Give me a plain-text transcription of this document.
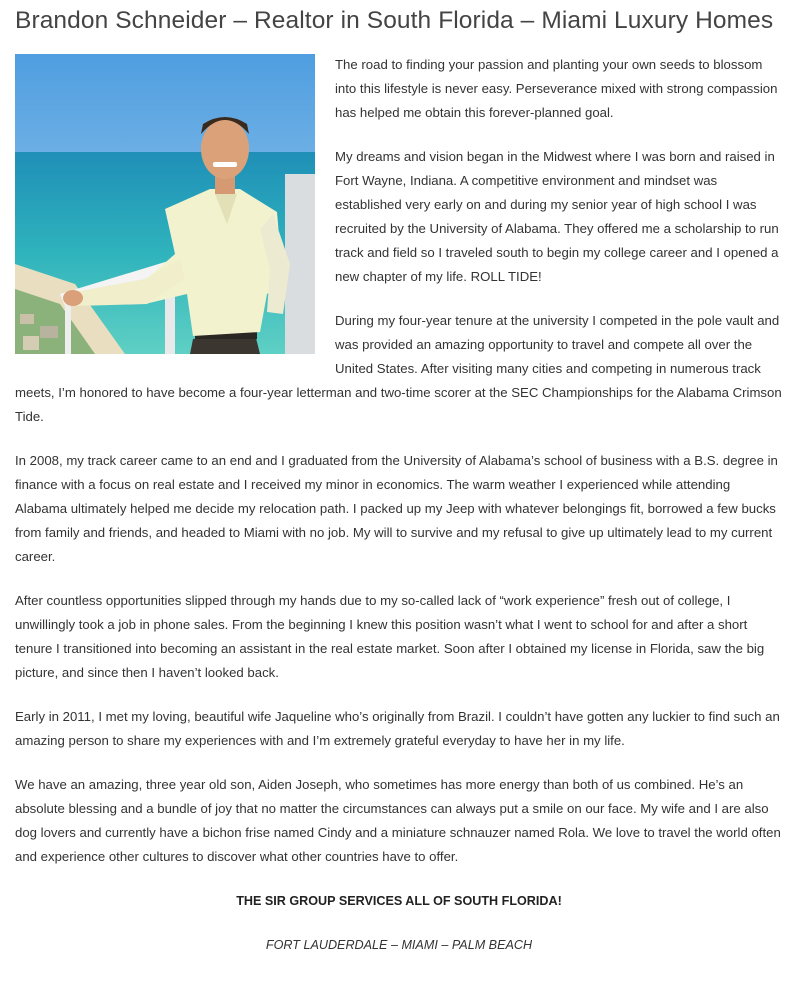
Brandon Schneider – Realtor in South Florida – Miami Luxury Homes

The road to finding your passion and planting your own seeds to blossom into this lifestyle is never easy. Perseverance mixed with strong compassion has helped me obtain this forever-planned goal.

My dreams and vision began in the Midwest where I was born and raised in Fort Wayne, Indiana. A competitive environment and mindset was established very early on and during my senior year of high school I was recruited by the University of Alabama. They offered me a scholarship to run track and field so I traveled south to begin my college career and I opened a new chapter of my life. ROLL TIDE!

During my four-year tenure at the university I competed in the pole vault and was provided an amazing opportunity to travel and compete all over the United States. After visiting many cities and competing in numerous track meets, I’m honored to have become a four-year letterman and two-time scorer at the SEC Championships for the Alabama Crimson Tide.

In 2008, my track career came to an end and I graduated from the University of Alabama’s school of business with a B.S. degree in finance with a focus on real estate and I received my minor in economics. The warm weather I experienced while attending Alabama ultimately helped me decide my relocation path. I packed up my Jeep with whatever belongings fit, borrowed a few bucks from family and friends, and headed to Miami with no job. My will to survive and my refusal to give up ultimately lead to my current career.

After countless opportunities slipped through my hands due to my so-called lack of “work experience” fresh out of college, I unwillingly took a job in phone sales. From the beginning I knew this position wasn’t what I went to school for and after a short tenure I transitioned into becoming an assistant in the real estate market. Soon after I obtained my license in Florida, saw the big picture, and since then I haven’t looked back.

Early in 2011, I met my loving, beautiful wife Jaqueline who’s originally from Brazil. I couldn’t have gotten any luckier to find such an amazing person to share my experiences with and I’m extremely grateful everyday to have her in my life.

We have an amazing, three year old son, Aiden Joseph, who sometimes has more energy than both of us combined. He’s an absolute blessing and a bundle of joy that no matter the circumstances can always put a smile on our face. My wife and I are also dog lovers and currently have a bichon frise named Cindy and a miniature schnauzer named Rola. We love to travel the world often and experience other cultures to discover what other countries have to offer.

THE SIR GROUP SERVICES ALL OF SOUTH FLORIDA!

FORT LAUDERDALE – MIAMI – PALM BEACH
